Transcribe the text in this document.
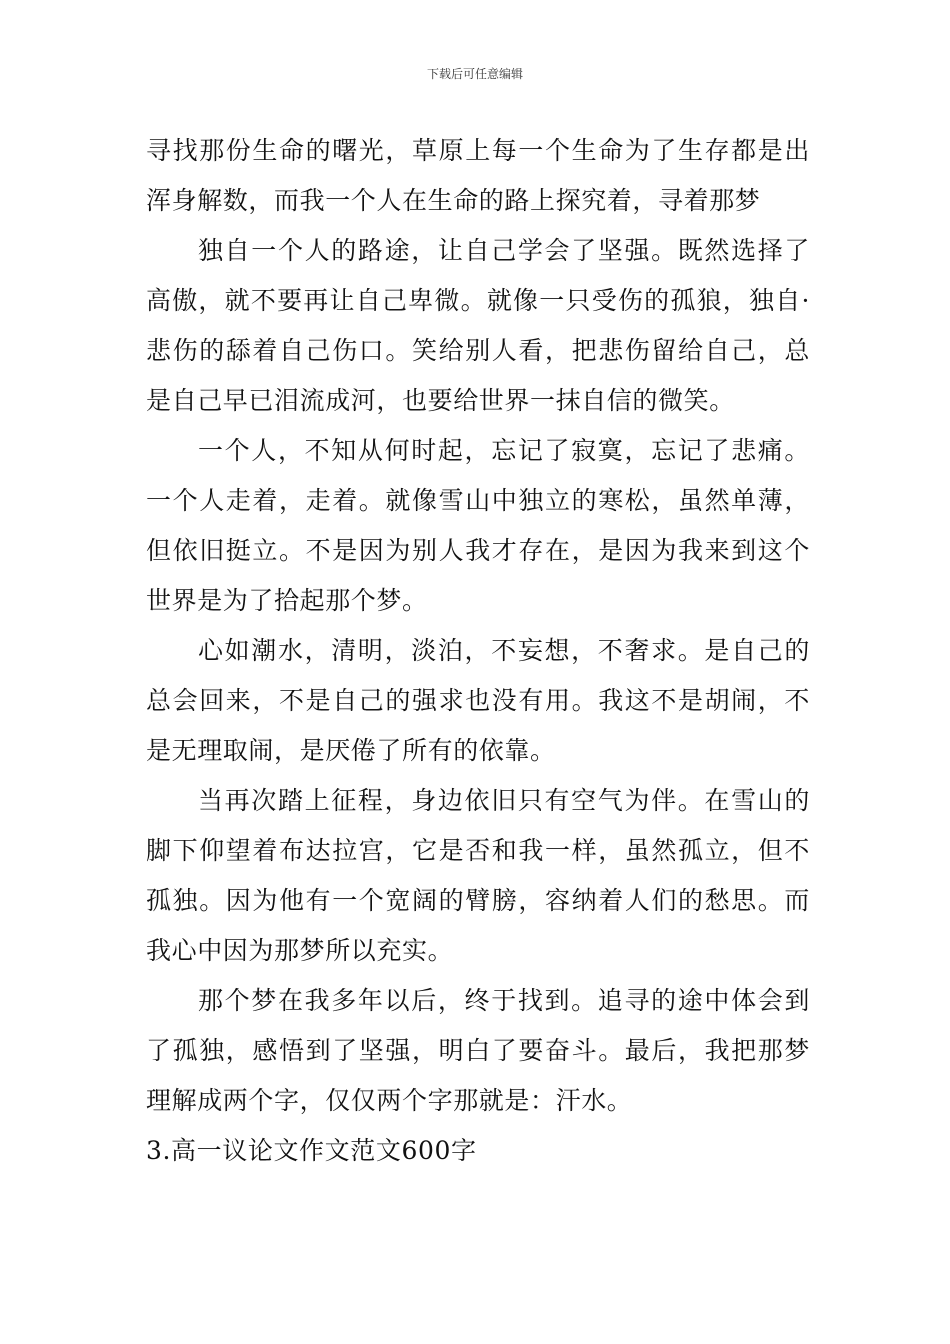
下载后可任意编辑

寻找那份生命的曙光，草原上每一个生命为了生存都是出浑身解数，而我一个人在生命的路上探究着，寻着那梦

独自一个人的路途，让自己学会了坚强。既然选择了高傲，就不要再让自己卑微。就像一只受伤的孤狼，独自·悲伤的舔着自己伤口。笑给别人看，把悲伤留给自己，总是自己早已泪流成河，也要给世界一抹自信的微笑。

一个人，不知从何时起，忘记了寂寞，忘记了悲痛。一个人走着，走着。就像雪山中独立的寒松，虽然单薄，但依旧挺立。不是因为别人我才存在，是因为我来到这个世界是为了拾起那个梦。

心如潮水，清明，淡泊，不妄想，不奢求。是自己的总会回来，不是自己的强求也没有用。我这不是胡闹，不是无理取闹，是厌倦了所有的依靠。

当再次踏上征程，身边依旧只有空气为伴。在雪山的脚下仰望着布达拉宫，它是否和我一样，虽然孤立，但不孤独。因为他有一个宽阔的臂膀，容纳着人们的愁思。而我心中因为那梦所以充实。

那个梦在我多年以后，终于找到。追寻的途中体会到了孤独，感悟到了坚强，明白了要奋斗。最后，我把那梦理解成两个字，仅仅两个字那就是：汗水。

3.高一议论文作文范文600字
